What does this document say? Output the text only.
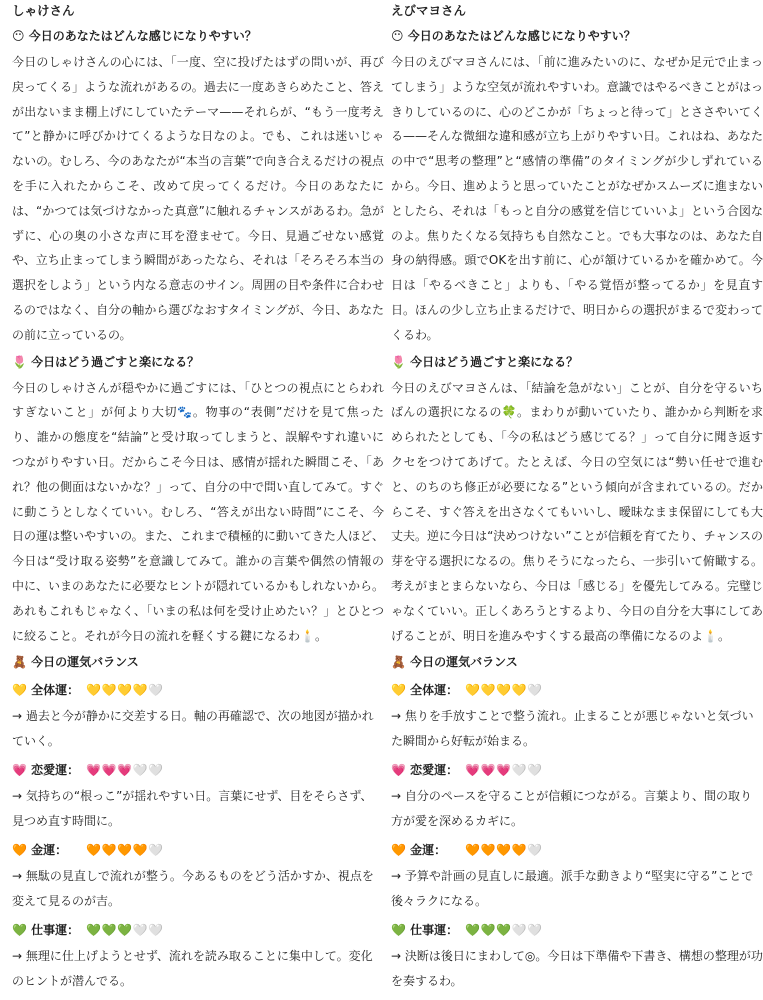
しゃけさん
😶 今日のあなたはどんな感じになりやすい？
今日のしゃけさんの心には、「一度、空に投げたはずの問いが、再び戻ってくる」ような流れがあるの。過去に一度あきらめたこと、答えが出ないまま棚上げにしていたテーマ——それらが、“もう一度考えて”と静かに呼びかけてくるような日なのよ。でも、これは迷いじゃないの。むしろ、今のあなたが“本当の言葉”で向き合えるだけの視点を手に入れたからこそ、改めて戻ってくるだけ。今日のあなたには、“かつては気づけなかった真意”に触れるチャンスがあるわ。急がずに、心の奥の小さな声に耳を澄ませて。今日、見過ごせない感覚や、立ち止まってしまう瞬間があったなら、それは「そろそろ本当の選択をしよう」という内なる意志のサイン。周囲の目や条件に合わせるのではなく、自分の軸から選びなおすタイミングが、今日、あなたの前に立っているの。
🌷 今日はどう過ごすと楽になる？
今日のしゃけさんが穏やかに過ごすには、「ひとつの視点にとらわれすぎないこと」が何より大切🐾。物事の“表側”だけを見て焦ったり、誰かの態度を“結論”と受け取ってしまうと、誤解やすれ違いにつながりやすい日。だからこそ今日は、感情が揺れた瞬間こそ、「あれ？他の側面はないかな？」って、自分の中で問い直してみて。すぐに動こうとしなくていい。むしろ、“答えが出ない時間”にこそ、今日の運は整いやすいの。また、これまで積極的に動いてきた人ほど、今日は“受け取る姿勢”を意識してみて。誰かの言葉や偶然の情報の中に、いまのあなたに必要なヒントが隠れているかもしれないから。あれもこれもじゃなく、「いまの私は何を受け止めたい？」とひとつに絞ること。それが今日の流れを軽くする鍵になるわ🕯️。
🧸 今日の運気バランス
💛 全体運： 💛💛💛💛🤍
→ 過去と今が静かに交差する日。軸の再確認で、次の地図が描かれていく。
💗 恋愛運： 💗💗💗🤍🤍
→ 気持ちの“根っこ”が揺れやすい日。言葉にせず、目をそらさず、見つめ直す時間に。
🧡 金運： 🧡🧡🧡🧡🤍
→ 無駄の見直しで流れが整う。今あるものをどう活かすか、視点を変えて見るのが吉。
💚 仕事運： 💚💚💚🤍🤍
→ 無理に仕上げようとせず、流れを読み取ることに集中して。変化のヒントが潜んでる。
えびマヨさん
😶 今日のあなたはどんな感じになりやすい？
今日のえびマヨさんには、「前に進みたいのに、なぜか足元で止まってしまう」ような空気が流れやすいわ。意識ではやるべきことがはっきりしているのに、心のどこかが「ちょっと待って」とささやいてくる——そんな微細な違和感が立ち上がりやすい日。これはね、あなたの中で“思考の整理”と“感情の準備”のタイミングが少しずれているから。今日、進めようと思っていたことがなぜかスムーズに進まないとしたら、それは「もっと自分の感覚を信じていいよ」という合図なのよ。焦りたくなる気持ちも自然なこと。でも大事なのは、あなた自身の納得感。頭でOKを出す前に、心が頷けているかを確かめて。今日は「やるべきこと」よりも、「やる覚悟が整ってるか」を見直す日。ほんの少し立ち止まるだけで、明日からの選択がまるで変わってくるわ。
🌷 今日はどう過ごすと楽になる？
今日のえびマヨさんは、「結論を急がない」ことが、自分を守るいちばんの選択になるの🍀。まわりが動いていたり、誰かから判断を求められたとしても、「今の私はどう感じてる？」って自分に聞き返すクセをつけてあげて。たとえば、今日の空気には“勢い任せで進むと、のちのち修正が必要になる”という傾向が含まれているの。だからこそ、すぐ答えを出さなくてもいいし、曖昧なまま保留にしても大丈夫。逆に今日は“決めつけない”ことが信頼を育てたり、チャンスの芽を守る選択になるの。焦りそうになったら、一歩引いて俯瞰する。考えがまとまらないなら、今日は「感じる」を優先してみる。完璧じゃなくていい。正しくあろうとするより、今日の自分を大事にしてあげることが、明日を進みやすくする最高の準備になるのよ🕯️。
🧸 今日の運気バランス
💛 全体運： 💛💛💛💛🤍
→ 焦りを手放すことで整う流れ。止まることが悪じゃないと気づいた瞬間から好転が始まる。
💗 恋愛運： 💗💗💗🤍🤍
→ 自分のペースを守ることが信頼につながる。言葉より、間の取り方が愛を深めるカギに。
🧡 金運： 🧡🧡🧡🧡🤍
→ 予算や計画の見直しに最適。派手な動きより“堅実に守る”ことで後々ラクになる。
💚 仕事運： 💚💚💚🤍🤍
→ 決断は後日にまわして◎。今日は下準備や下書き、構想の整理が功を奏するわ。
